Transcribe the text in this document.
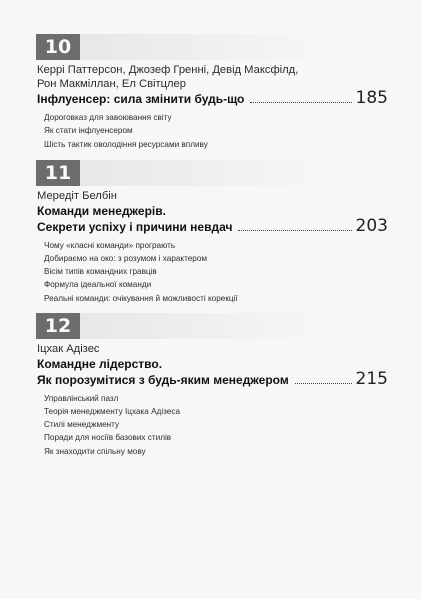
10
Керрі Паттерсон, Джозеф Гренні, Девід Максфілд,
Рон Макміллан, Ел Світцлер
Інфлуенсер: сила змінити будь-що	185
Дороговказ для завоювання світу
Як стати інфлуенсером
Шість тактик оволодіння ресурсами впливу
11
Мередіт Белбін
Команди менеджерів.
Секрети успіху і причини невдач	203
Чому «класні команди» програють
Добираємо на око: з розумом і характером
Вісім типів командних гравців
Формула ідеальної команди
Реальні команди: очікування й можливості корекції
12
Іцхак Адізес
Командне лідерство.
Як порозумітися з будь-яким менеджером	215
Управлінський пазл
Теорія менеджменту Іцхака Адізеса
Стилі менеджменту
Поради для носіїв базових стилів
Як знаходити спільну мову
